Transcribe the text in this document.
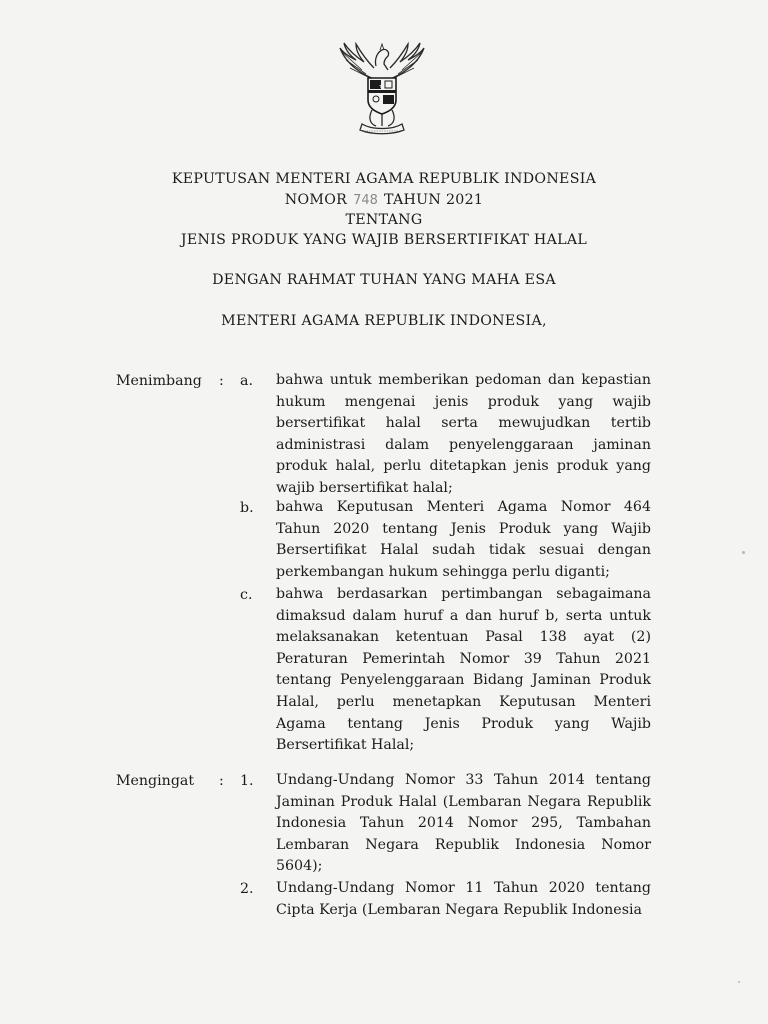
KEPUTUSAN MENTERI AGAMA REPUBLIK INDONESIA
NOMOR 748 TAHUN 2021
TENTANG
JENIS PRODUK YANG WAJIB BERSERTIFIKAT HALAL
DENGAN RAHMAT TUHAN YANG MAHA ESA
MENTERI AGAMA REPUBLIK INDONESIA,
Menimbang : a. bahwa untuk memberikan pedoman dan kepastian hukum mengenai jenis produk yang wajib bersertifikat halal serta mewujudkan tertib administrasi dalam penyelenggaraan jaminan produk halal, perlu ditetapkan jenis produk yang wajib bersertifikat halal;
b. bahwa Keputusan Menteri Agama Nomor 464 Tahun 2020 tentang Jenis Produk yang Wajib Bersertifikat Halal sudah tidak sesuai dengan perkembangan hukum sehingga perlu diganti;
c. bahwa berdasarkan pertimbangan sebagaimana dimaksud dalam huruf a dan huruf b, serta untuk melaksanakan ketentuan Pasal 138 ayat (2) Peraturan Pemerintah Nomor 39 Tahun 2021 tentang Penyelenggaraan Bidang Jaminan Produk Halal, perlu menetapkan Keputusan Menteri Agama tentang Jenis Produk yang Wajib Bersertifikat Halal;
Mengingat : 1. Undang-Undang Nomor 33 Tahun 2014 tentang Jaminan Produk Halal (Lembaran Negara Republik Indonesia Tahun 2014 Nomor 295, Tambahan Lembaran Negara Republik Indonesia Nomor 5604);
2. Undang-Undang Nomor 11 Tahun 2020 tentang Cipta Kerja (Lembaran Negara Republik Indonesia
